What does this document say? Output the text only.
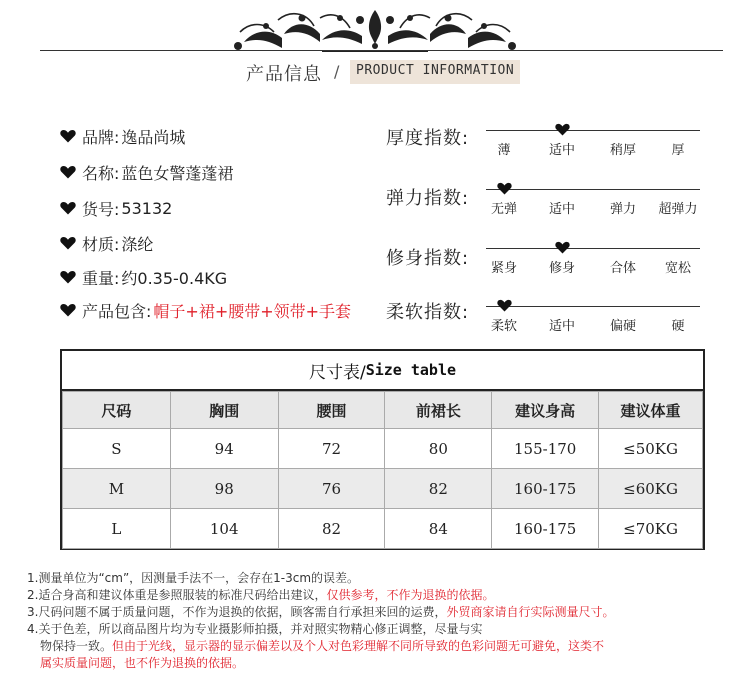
产品信息 /	PRODUCT INFORMATION
品牌: 逸品尚城
名称: 蓝色女警蓬蓬裙
货号: 53132
材质: 涤纶
重量: 约0.35-0.4KG
产品包含: 帽子+裙+腰带+领带+手套
厚度指数:
薄	适中	稍厚	厚
弹力指数:
无弹 适中	弹力 超弹力
修身指数: 紧身 修身	合体 宽松
柔软指数:
柔软 适中	偏硬	硬
尺寸表/ Size table
尺码	胸围	腰围	前裙长	建议身高	建议体重
S	94	72	80	155-170	≤50KG
M	98	76	82	160-175	≤60KG
L	104	82	84	160-175	≤70KG
1.测量单位为“cm”，因测量手法不一，会存在1-3cm的误差。
2.适合身高和建议体重是参照服装的标准尺码给出建议，仅供参考，不作为退换的依据。
3.尺码问题不属于质量问题，不作为退换的依据，顾客需自行承担来回的运费，外贸商家请自行实际测量尺寸。
4.关于色差，所以商品图片均为专业摄影师拍摄，并对照实物精心修正调整，尽量与实
物保持一致。但由于光线，显示器的显示偏差以及个人对色彩理解不同所导致的色彩问题无可避免，这类不
属实质量问题，也不作为退换的依据。
